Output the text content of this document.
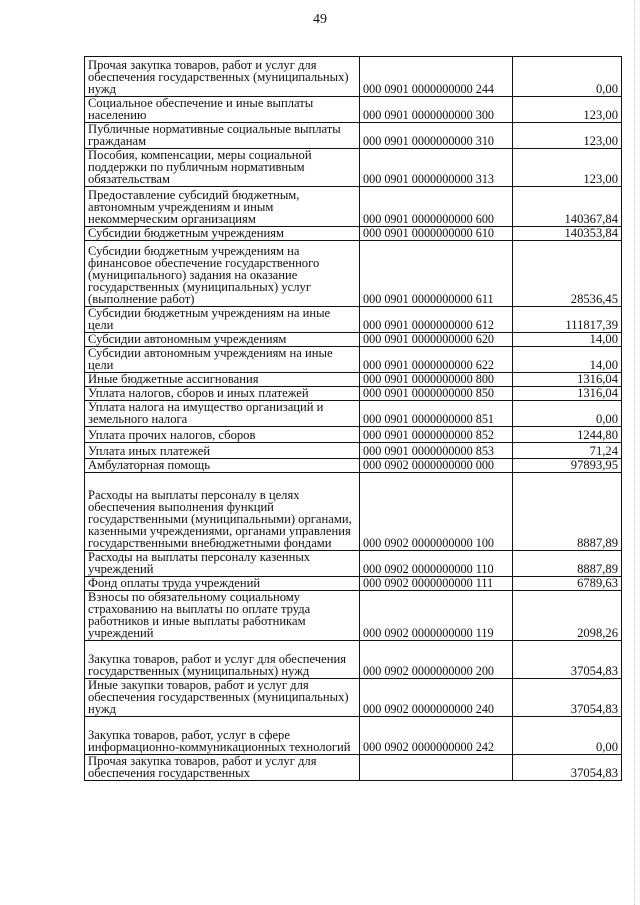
49
Прочая закупка товаров, работ и услуг для обеспечения государственных (муниципальных) нужд	000 0901 0000000000 244	0,00

Социальное обеспечение и иные выплаты населению	000 0901 0000000000 300	123,00

Публичные нормативные социальные выплаты гражданам	000 0901 0000000000 310	123,00

Пособия, компенсации, меры социальной поддержки по публичным нормативным обязательствам	000 0901 0000000000 313	123,00

Предоставление субсидий бюджетным, автономным учреждениям и иным некоммерческим организациям	000 0901 0000000000 600	140367,84

Субсидии бюджетным учреждениям	000 0901 0000000000 610	140353,84

Субсидии бюджетным учреждениям на финансовое обеспечение государственного (муниципального) задания на оказание государственных (муниципальных) услуг (выполнение работ)	000 0901 0000000000 611	28536,45

Субсидии бюджетным учреждениям на иные цели	000 0901 0000000000 612	111817,39

Субсидии автономным учреждениям	000 0901 0000000000 620	14,00

Субсидии автономным учреждениям на иные цели	000 0901 0000000000 622	14,00

Иные бюджетные ассигнования	000 0901 0000000000 800	1316,04

Уплата налогов, сборов и иных платежей	000 0901 0000000000 850	1316,04

Уплата налога на имущество организаций и земельного налога	000 0901 0000000000 851	0,00

Уплата прочих налогов, сборов	000 0901 0000000000 852	1244,80

Уплата иных платежей	000 0901 0000000000 853	71,24

Амбулаторная помощь	000 0902 0000000000 000	97893,95

Расходы на выплаты персоналу в целях обеспечения выполнения функций государственными (муниципальными) органами, казенными учреждениями, органами управления государственными внебюджетными фондами	000 0902 0000000000 100	8887,89

Расходы на выплаты персоналу казенных учреждений	000 0902 0000000000 110	8887,89

Фонд оплаты труда учреждений	000 0902 0000000000 111	6789,63

Взносы по обязательному социальному страхованию на выплаты по оплате труда работников и иные выплаты работникам учреждений	000 0902 0000000000 119	2098,26

Закупка товаров, работ и услуг для обеспечения государственных (муниципальных) нужд	000 0902 0000000000 200	37054,83

Иные закупки товаров, работ и услуг для обеспечения государственных (муниципальных) нужд	000 0902 0000000000 240	37054,83

Закупка товаров, работ, услуг в сфере информационно-коммуникационных технологий	000 0902 0000000000 242	0,00

Прочая закупка товаров, работ и услуг для обеспечения государственных		37054,83
